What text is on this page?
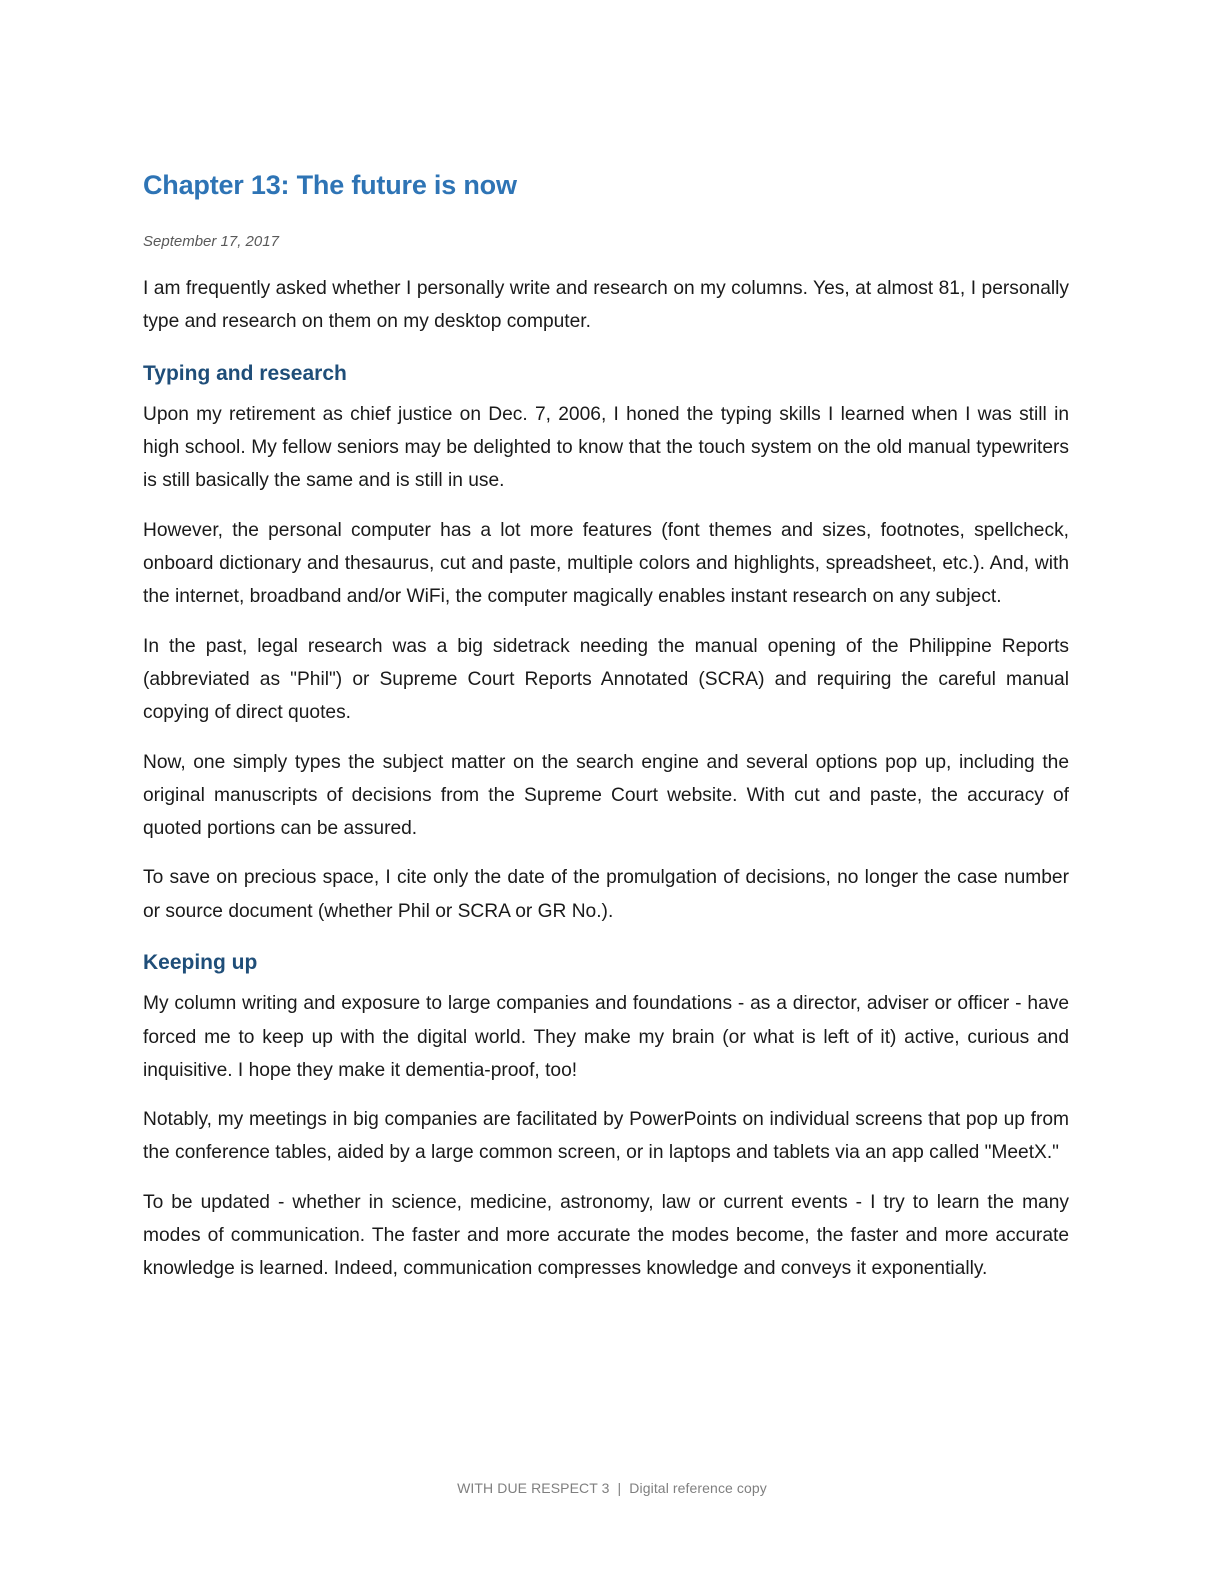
Chapter 13: The future is now
September 17, 2017

I am frequently asked whether I personally write and research on my columns. Yes, at almost 81, I personally type and research on them on my desktop computer.

Typing and research

Upon my retirement as chief justice on Dec. 7, 2006, I honed the typing skills I learned when I was still in high school. My fellow seniors may be delighted to know that the touch system on the old manual typewriters is still basically the same and is still in use.

However, the personal computer has a lot more features (font themes and sizes, footnotes, spellcheck, onboard dictionary and thesaurus, cut and paste, multiple colors and highlights, spreadsheet, etc.). And, with the internet, broadband and/or WiFi, the computer magically enables instant research on any subject.

In the past, legal research was a big sidetrack needing the manual opening of the Philippine Reports (abbreviated as "Phil") or Supreme Court Reports Annotated (SCRA) and requiring the careful manual copying of direct quotes.

Now, one simply types the subject matter on the search engine and several options pop up, including the original manuscripts of decisions from the Supreme Court website. With cut and paste, the accuracy of quoted portions can be assured.

To save on precious space, I cite only the date of the promulgation of decisions, no longer the case number or source document (whether Phil or SCRA or GR No.).

Keeping up

My column writing and exposure to large companies and foundations - as a director, adviser or officer - have forced me to keep up with the digital world. They make my brain (or what is left of it) active, curious and inquisitive. I hope they make it dementia-proof, too!

Notably, my meetings in big companies are facilitated by PowerPoints on individual screens that pop up from the conference tables, aided by a large common screen, or in laptops and tablets via an app called "MeetX."

To be updated - whether in science, medicine, astronomy, law or current events - I try to learn the many modes of communication. The faster and more accurate the modes become, the faster and more accurate knowledge is learned. Indeed, communication compresses knowledge and conveys it exponentially.

WITH DUE RESPECT 3 | Digital reference copy
